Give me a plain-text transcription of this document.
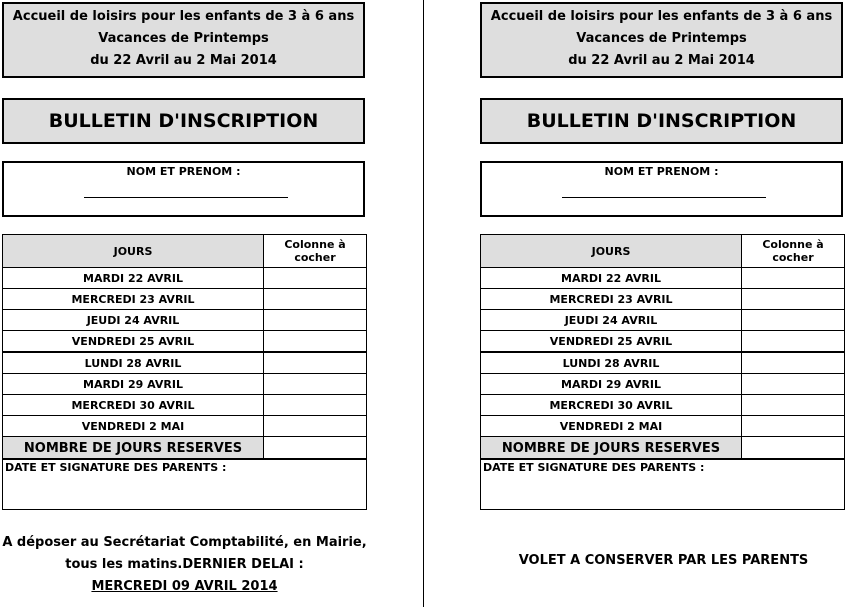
Accueil de loisirs pour les enfants de 3 à 6 ans
Vacances de Printemps
du 22 Avril au 2 Mai 2014
BULLETIN D'INSCRIPTION
NOM ET PRENOM :
JOURS	Colonne à cocher
MARDI 22 AVRIL	
MERCREDI 23 AVRIL	
JEUDI 24 AVRIL	
VENDREDI 25 AVRIL	
LUNDI 28 AVRIL	
MARDI 29 AVRIL	
MERCREDI 30 AVRIL	
VENDREDI 2 MAI	
NOMBRE DE JOURS RESERVES	
DATE ET SIGNATURE DES PARENTS :
A déposer au Secrétariat Comptabilité, en Mairie,
tous les matins.DERNIER DELAI :
MERCREDI 09 AVRIL 2014
Accueil de loisirs pour les enfants de 3 à 6 ans
Vacances de Printemps
du 22 Avril au 2 Mai 2014
BULLETIN D'INSCRIPTION
NOM ET PRENOM :
JOURS	Colonne à cocher
MARDI 22 AVRIL	
MERCREDI 23 AVRIL	
JEUDI 24 AVRIL	
VENDREDI 25 AVRIL	
LUNDI 28 AVRIL	
MARDI 29 AVRIL	
MERCREDI 30 AVRIL	
VENDREDI 2 MAI	
NOMBRE DE JOURS RESERVES	
DATE ET SIGNATURE DES PARENTS :
VOLET A CONSERVER PAR LES PARENTS
